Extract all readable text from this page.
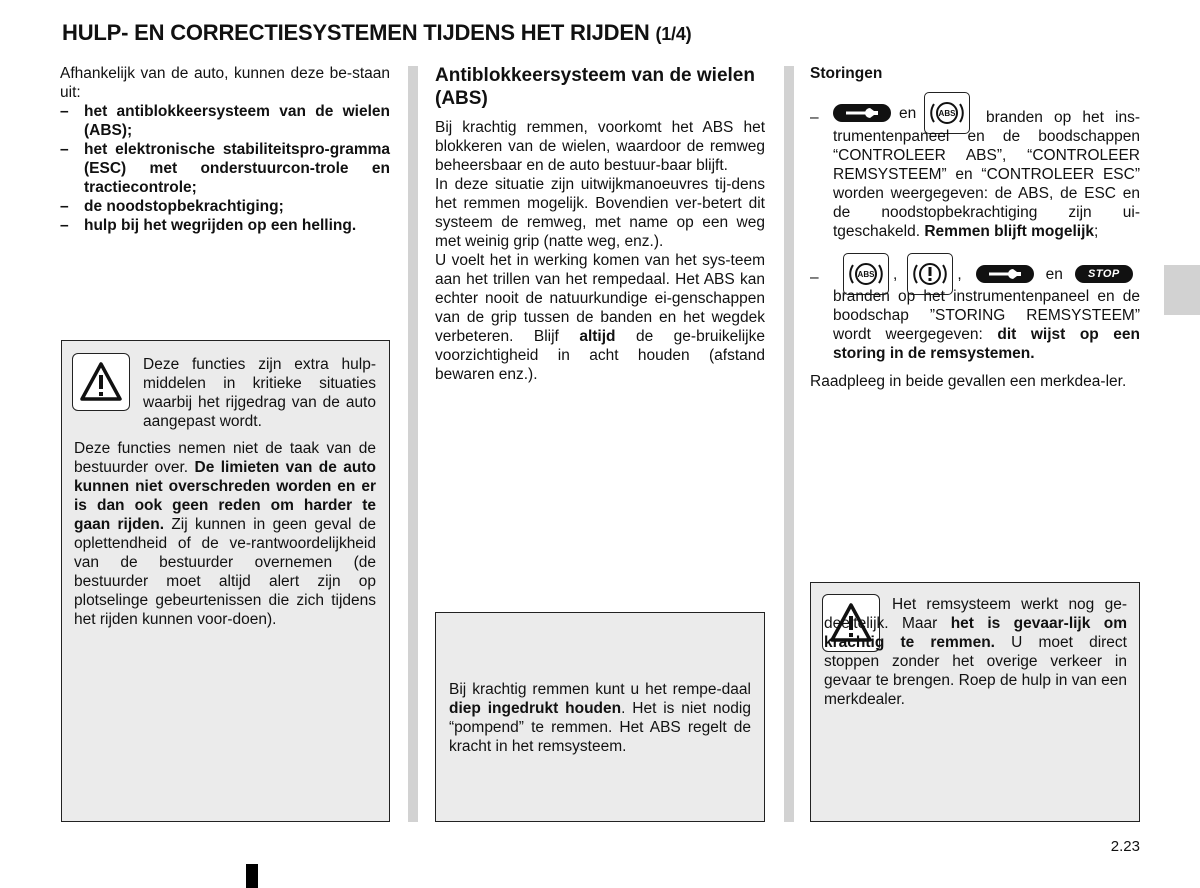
HULP- EN CORRECTIESYSTEMEN TIJDENS HET RIJDEN (1/4)
Afhankelijk van de auto, kunnen deze be-staan uit:
– het antiblokkeersysteem van de wielen (ABS);
– het elektronische stabiliteitspro-gramma (ESC) met onderstuurcon-trole en tractiecontrole;
– de noodstopbekrachtiging;
– hulp bij het wegrijden op een helling.
Deze functies zijn extra hulp-middelen in kritieke situaties waarbij het rijgedrag van de auto aangepast wordt.
Deze functies nemen niet de taak van de bestuurder over. De limieten van de auto kunnen niet overschreden worden en er is dan ook geen reden om harder te gaan rijden. Zij kunnen in geen geval de oplettendheid of de ve-rantwoordelijkheid van de bestuurder overnemen (de bestuurder moet altijd alert zijn op plotselinge gebeurtenissen die zich tijdens het rijden kunnen voor-doen).
Antiblokkeersysteem van de wielen (ABS)
Bij krachtig remmen, voorkomt het ABS het blokkeren van de wielen, waardoor de remweg beheersbaar en de auto bestuur-baar blijft.
In deze situatie zijn uitwijkmanoeuvres tij-dens het remmen mogelijk. Bovendien ver-betert dit systeem de remweg, met name op een weg met weinig grip (natte weg, enz.).
U voelt het in werking komen van het sys-teem aan het trillen van het rempedaal. Het ABS kan echter nooit de natuurkundige ei-genschappen van de grip tussen de banden en het wegdek verbeteren. Blijf altijd de ge-bruikelijke voorzichtigheid in acht houden (afstand bewaren enz.).
Bij krachtig remmen kunt u het rempe-daal diep ingedrukt houden. Het is niet nodig “pompend” te remmen. Het ABS regelt de kracht in het remsysteem.
Storingen
–	en	ABS	branden op het ins-trumentenpaneel en de boodschappen “CONTROLEER ABS”, “CONTROLEER REMSYSTEEM” en “CONTROLEER ESC” worden weergegeven: de ABS, de ESC en de noodstopbekrachtiging zijn ui-tgeschakeld. Remmen blijft mogelijk;
–	ABS ,	,	en	STOP
branden op het instrumentenpaneel en de boodschap ”STORING REMSYSTEEM” wordt weergegeven: dit wijst op een storing in de remsystemen.
Raadpleeg in beide gevallen een merkdea-ler.
Het remsysteem werkt nog ge-deeltelijk. Maar het is gevaar-lijk om krachtig te remmen. U moet direct stoppen zonder het overige verkeer in gevaar te brengen. Roep de hulp in van een merkdealer.
2.23
